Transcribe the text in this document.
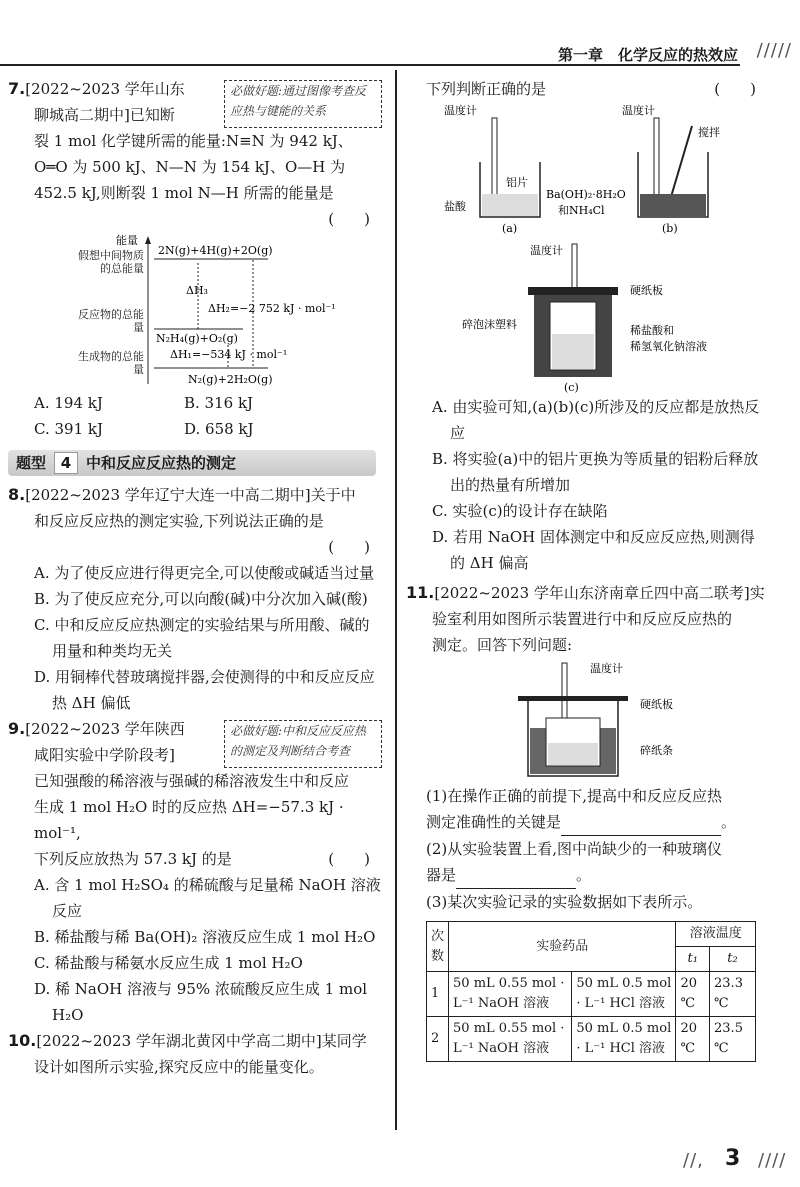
第一章　化学反应的热效应 /////
7.[2022~2023 学年山东
聊城高二期中]已知断
必做好题:通过图像考查反应热与键能的关系
裂 1 mol 化学键所需的能量:N≡N 为 942 kJ、
O═O 为 500 kJ、N—N 为 154 kJ、O—H 为
452.5 kJ,则断裂 1 mol N—H 所需的能量是
(　　)
能量
2N(g)+4H(g)+2O(g)
N₂H₄(g)+O₂(g)
N₂(g)+2H₂O(g)
ΔH₃
ΔH₂=−2 752 kJ · mol⁻¹
ΔH₁=−534 kJ · mol⁻¹
假想中间物质的总能量
反应物的总能量
生成物的总能量
A. 194 kJ	B. 316 kJ
C. 391 kJ	D. 658 kJ
题型 4 中和反应反应热的测定
8.[2022~2023 学年辽宁大连一中高二期中]关于中
和反应反应热的测定实验,下列说法正确的是
(　　)
A. 为了使反应进行得更完全,可以使酸或碱适当过量
B. 为了使反应充分,可以向酸(碱)中分次加入碱(酸)
C. 中和反应反应热测定的实验结果与所用酸、碱的用量和种类均无关
D. 用铜棒代替玻璃搅拌器,会使测得的中和反应反应热 ΔH 偏低
9.[2022~2023 学年陕西
咸阳实验中学阶段考]
必做好题:中和反应反应热的测定及判断结合考查
已知强酸的稀溶液与强碱的稀溶液发生中和反应
生成 1 mol H₂O 时的反应热 ΔH=−57.3 kJ · mol⁻¹,
下列反应放热为 57.3 kJ 的是	(　　)
A. 含 1 mol H₂SO₄ 的稀硫酸与足量稀 NaOH 溶液反应
B. 稀盐酸与稀 Ba(OH)₂ 溶液反应生成 1 mol H₂O
C. 稀盐酸与稀氨水反应生成 1 mol H₂O
D. 稀 NaOH 溶液与 95% 浓硫酸反应生成 1 mol H₂O
10.[2022~2023 学年湖北黄冈中学高二期中]某同学
设计如图所示实验,探究反应中的能量变化。
下列判断正确的是	(　　)
温度计
铝片
盐酸
(a)
温度计
搅拌
Ba(OH)₂·8H₂O
和NH₄Cl
(b)
温度计
硬纸板
碎泡沫塑料	稀盐酸和
稀氢氧化钠溶液
(c)
A. 由实验可知,(a)(b)(c)所涉及的反应都是放热反应
B. 将实验(a)中的铝片更换为等质量的铝粉后释放出的热量有所增加
C. 实验(c)的设计存在缺陷
D. 若用 NaOH 固体测定中和反应反应热,则测得的 ΔH 偏高
11.[2022~2023 学年山东济南章丘四中高二联考]实
验室利用如图所示装置进行中和反应反应热的
测定。回答下列问题:
温度计
硬纸板
碎纸条
(1)在操作正确的前提下,提高中和反应反应热
测定准确性的关键是	。
(2)从实验装置上看,图中尚缺少的一种玻璃仪
器是	。
(3)某次实验记录的实验数据如下表所示。
次数	实验药品		溶液温度	
			t₁	t₂
1	50 mL 0.55 mol · L⁻¹ NaOH 溶液	50 mL 0.5 mol · L⁻¹ HCl 溶液	20 ℃	23.3 ℃
2	50 mL 0.55 mol · L⁻¹ NaOH 溶液	50 mL 0.5 mol · L⁻¹ HCl 溶液	20 ℃	23.5 ℃
//, 3 ////
